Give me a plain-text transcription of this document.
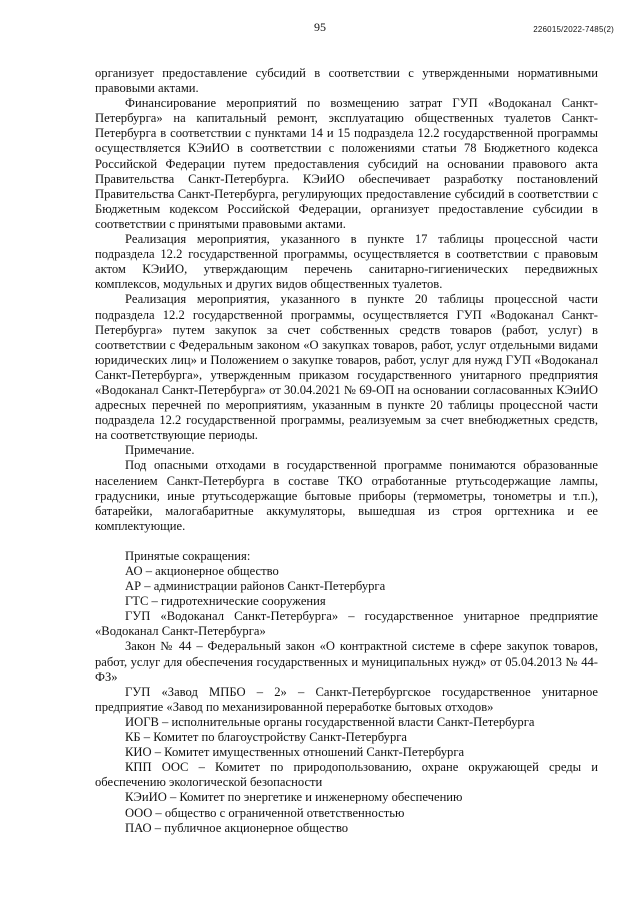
95	226015/2022-7485(2)

организует предоставление субсидий в соответствии с утвержденными нормативными правовыми актами.

Финансирование мероприятий по возмещению затрат ГУП «Водоканал Санкт-Петербурга» на капитальный ремонт, эксплуатацию общественных туалетов Санкт-Петербурга в соответствии с пунктами 14 и 15 подраздела 12.2 государственной программы осуществляется КЭиИО в соответствии с положениями статьи 78 Бюджетного кодекса Российской Федерации путем предоставления субсидий на основании правового акта Правительства Санкт-Петербурга. КЭиИО обеспечивает разработку постановлений Правительства Санкт-Петербурга, регулирующих предоставление субсидий в соответствии с Бюджетным кодексом Российской Федерации, организует предоставление субсидии в соответствии с принятыми правовыми актами.

Реализация мероприятия, указанного в пункте 17 таблицы процессной части подраздела 12.2 государственной программы, осуществляется в соответствии с правовым актом КЭиИО, утверждающим перечень санитарно-гигиенических передвижных комплексов, модульных и других видов общественных туалетов.

Реализация мероприятия, указанного в пункте 20 таблицы процессной части подраздела 12.2 государственной программы, осуществляется ГУП «Водоканал Санкт-Петербурга» путем закупок за счет собственных средств товаров (работ, услуг) в соответствии с Федеральным законом «О закупках товаров, работ, услуг отдельными видами юридических лиц» и Положением о закупке товаров, работ, услуг для нужд ГУП «Водоканал Санкт-Петербурга», утвержденным приказом государственного унитарного предприятия «Водоканал Санкт-Петербурга» от 30.04.2021 № 69-ОП на основании согласованных КЭиИО адресных перечней по мероприятиям, указанным в пункте 20 таблицы процессной части подраздела 12.2 государственной программы, реализуемым за счет внебюджетных средств, на соответствующие периоды.

Примечание.

Под опасными отходами в государственной программе понимаются образованные населением Санкт-Петербурга в составе ТКО отработанные ртутьсодержащие лампы, градусники, иные ртутьсодержащие бытовые приборы (термометры, тонометры и т.п.), батарейки, малогабаритные аккумуляторы, вышедшая из строя оргтехника и ее комплектующие.

Принятые сокращения:

АО – акционерное общество

АР – администрации районов Санкт-Петербурга

ГТС – гидротехнические сооружения

ГУП «Водоканал Санкт-Петербурга» – государственное унитарное предприятие «Водоканал Санкт-Петербурга»

Закон № 44 – Федеральный закон «О контрактной системе в сфере закупок товаров, работ, услуг для обеспечения государственных и муниципальных нужд» от 05.04.2013 № 44-ФЗ»

ГУП «Завод МПБО – 2» – Санкт-Петербургское государственное унитарное предприятие «Завод по механизированной переработке бытовых отходов»

ИОГВ – исполнительные органы государственной власти Санкт-Петербурга

КБ – Комитет по благоустройству Санкт-Петербурга

КИО – Комитет имущественных отношений Санкт-Петербурга

КПП ООС – Комитет по природопользованию, охране окружающей среды и обеспечению экологической безопасности

КЭиИО – Комитет по энергетике и инженерному обеспечению

ООО – общество с ограниченной ответственностью

ПАО – публичное акционерное общество
